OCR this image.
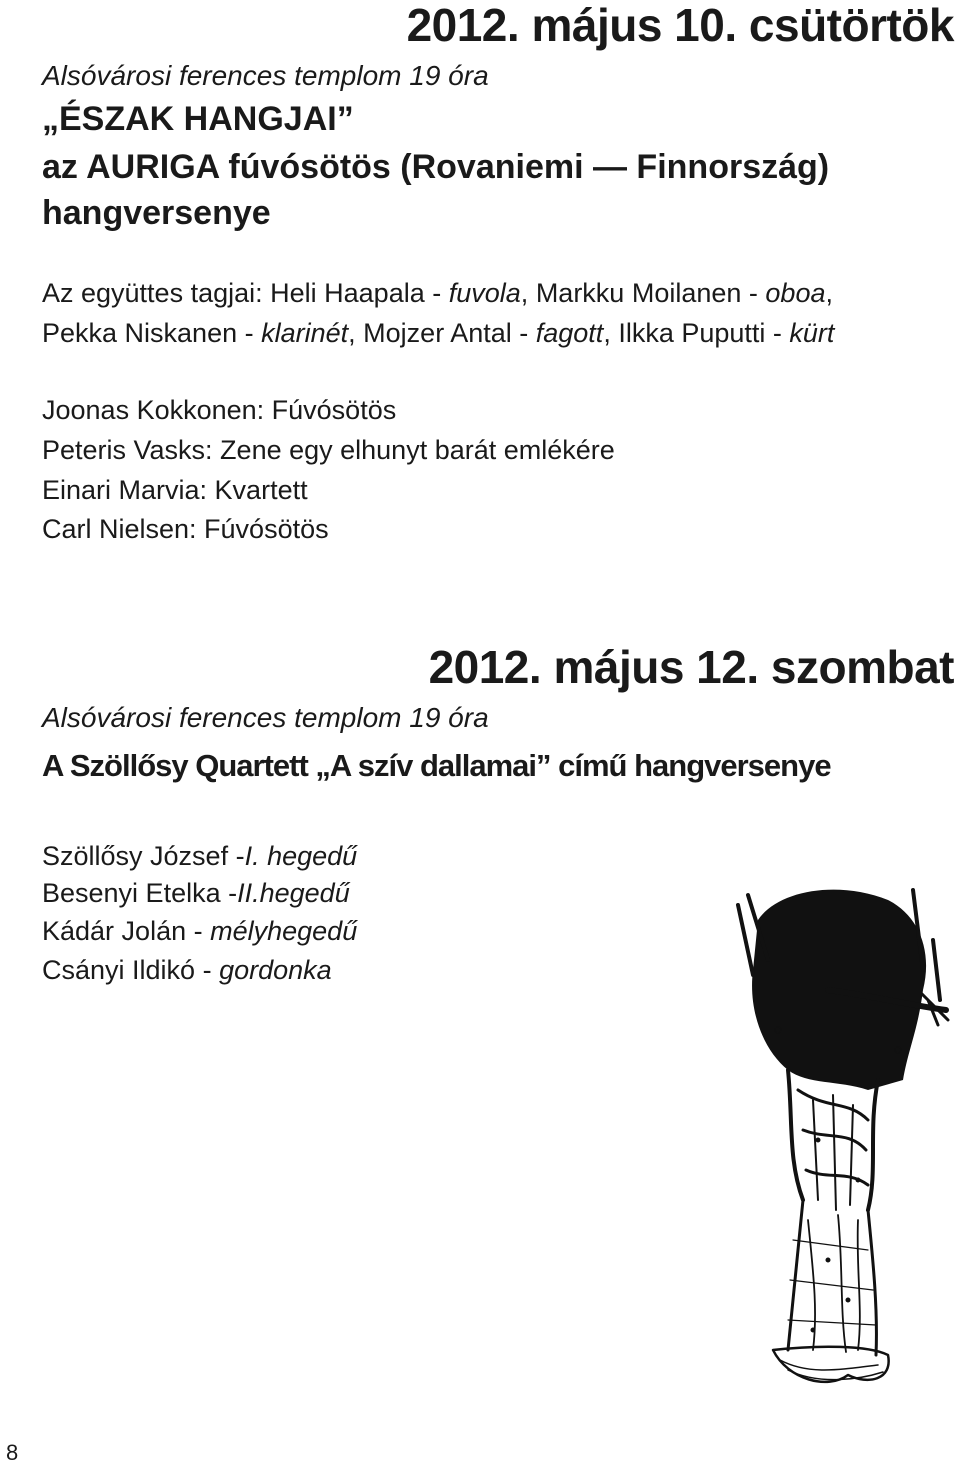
2012. május 10. csütörtök
Alsóvárosi ferences templom 19 óra
„ÉSZAK HANGJAI”
az AURIGA fúvósötös (Rovaniemi — Finnország)
hangversenye
Az együttes tagjai: Heli Haapala - fuvola, Markku Moilanen - oboa,
Pekka Niskanen - klarinét, Mojzer Antal - fagott, Ilkka Puputti - kürt
Joonas Kokkonen: Fúvósötös
Peteris Vasks: Zene egy elhunyt barát emlékére
Einari Marvia: Kvartett
Carl Nielsen: Fúvósötös
2012. május 12. szombat
Alsóvárosi ferences templom 19 óra
A Szöllősy Quartett „A szív dallamai” című hangversenye
Szöllősy József -I. hegedű
Besenyi Etelka -II.hegedű
Kádár Jolán - mélyhegedű
Csányi Ildikó - gordonka
8
